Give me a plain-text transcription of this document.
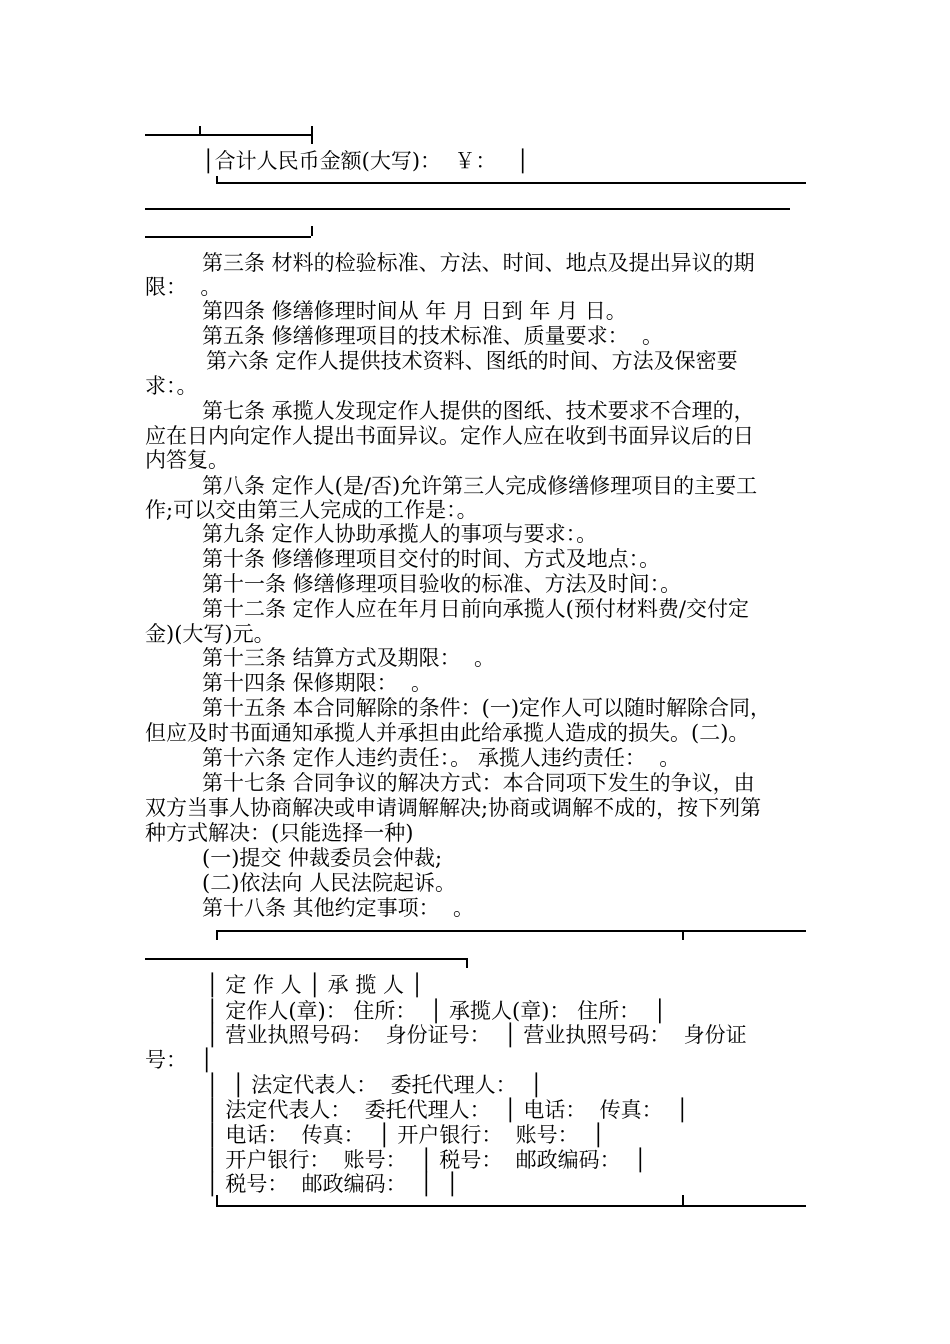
│合计人民币金额(大写)：  ￥：   │
第三条 材料的检验标准、方法、时间、地点及提出异议的期
限：  。
第四条 修缮修理时间从 年 月 日到 年 月 日。
第五条 修缮修理项目的技术标准、质量要求：  。
第六条 定作人提供技术资料、图纸的时间、方法及保密要
求：。
第七条 承揽人发现定作人提供的图纸、技术要求不合理的，
应在日内向定作人提出书面异议。定作人应在收到书面异议后的日
内答复。
第八条 定作人(是/否)允许第三人完成修缮修理项目的主要工
作;可以交由第三人完成的工作是：。
第九条 定作人协助承揽人的事项与要求：。
第十条 修缮修理项目交付的时间、方式及地点：。
第十一条 修缮修理项目验收的标准、方法及时间：。
第十二条 定作人应在年月日前向承揽人(预付材料费/交付定
金)(大写)元。
第十三条 结算方式及期限：  。
第十四条 保修期限：  。
第十五条 本合同解除的条件：(一)定作人可以随时解除合同，
但应及时书面通知承揽人并承担由此给承揽人造成的损失。(二)。
第十六条 定作人违约责任：。 承揽人违约责任：  。
第十七条 合同争议的解决方式：本合同项下发生的争议，由
双方当事人协商解决或申请调解解决;协商或调解不成的，按下列第
种方式解决：(只能选择一种)
(一)提交 仲裁委员会仲裁;
(二)依法向 人民法院起诉。
第十八条 其他约定事项：  。
│ 定 作 人 │ 承 揽 人 │
│ 定作人(章)： 住所：  │ 承揽人(章)： 住所：  │
│ 营业执照号码：  身份证号：  │ 营业执照号码：  身份证
号：  │
│  │ 法定代表人：  委托代理人：  │
│ 法定代表人：  委托代理人：  │ 电话：  传真：  │
│ 电话：  传真：  │ 开户银行：  账号：  │
│ 开户银行：  账号：  │ 税号：  邮政编码：  │
│ 税号：  邮政编码：  │  │
